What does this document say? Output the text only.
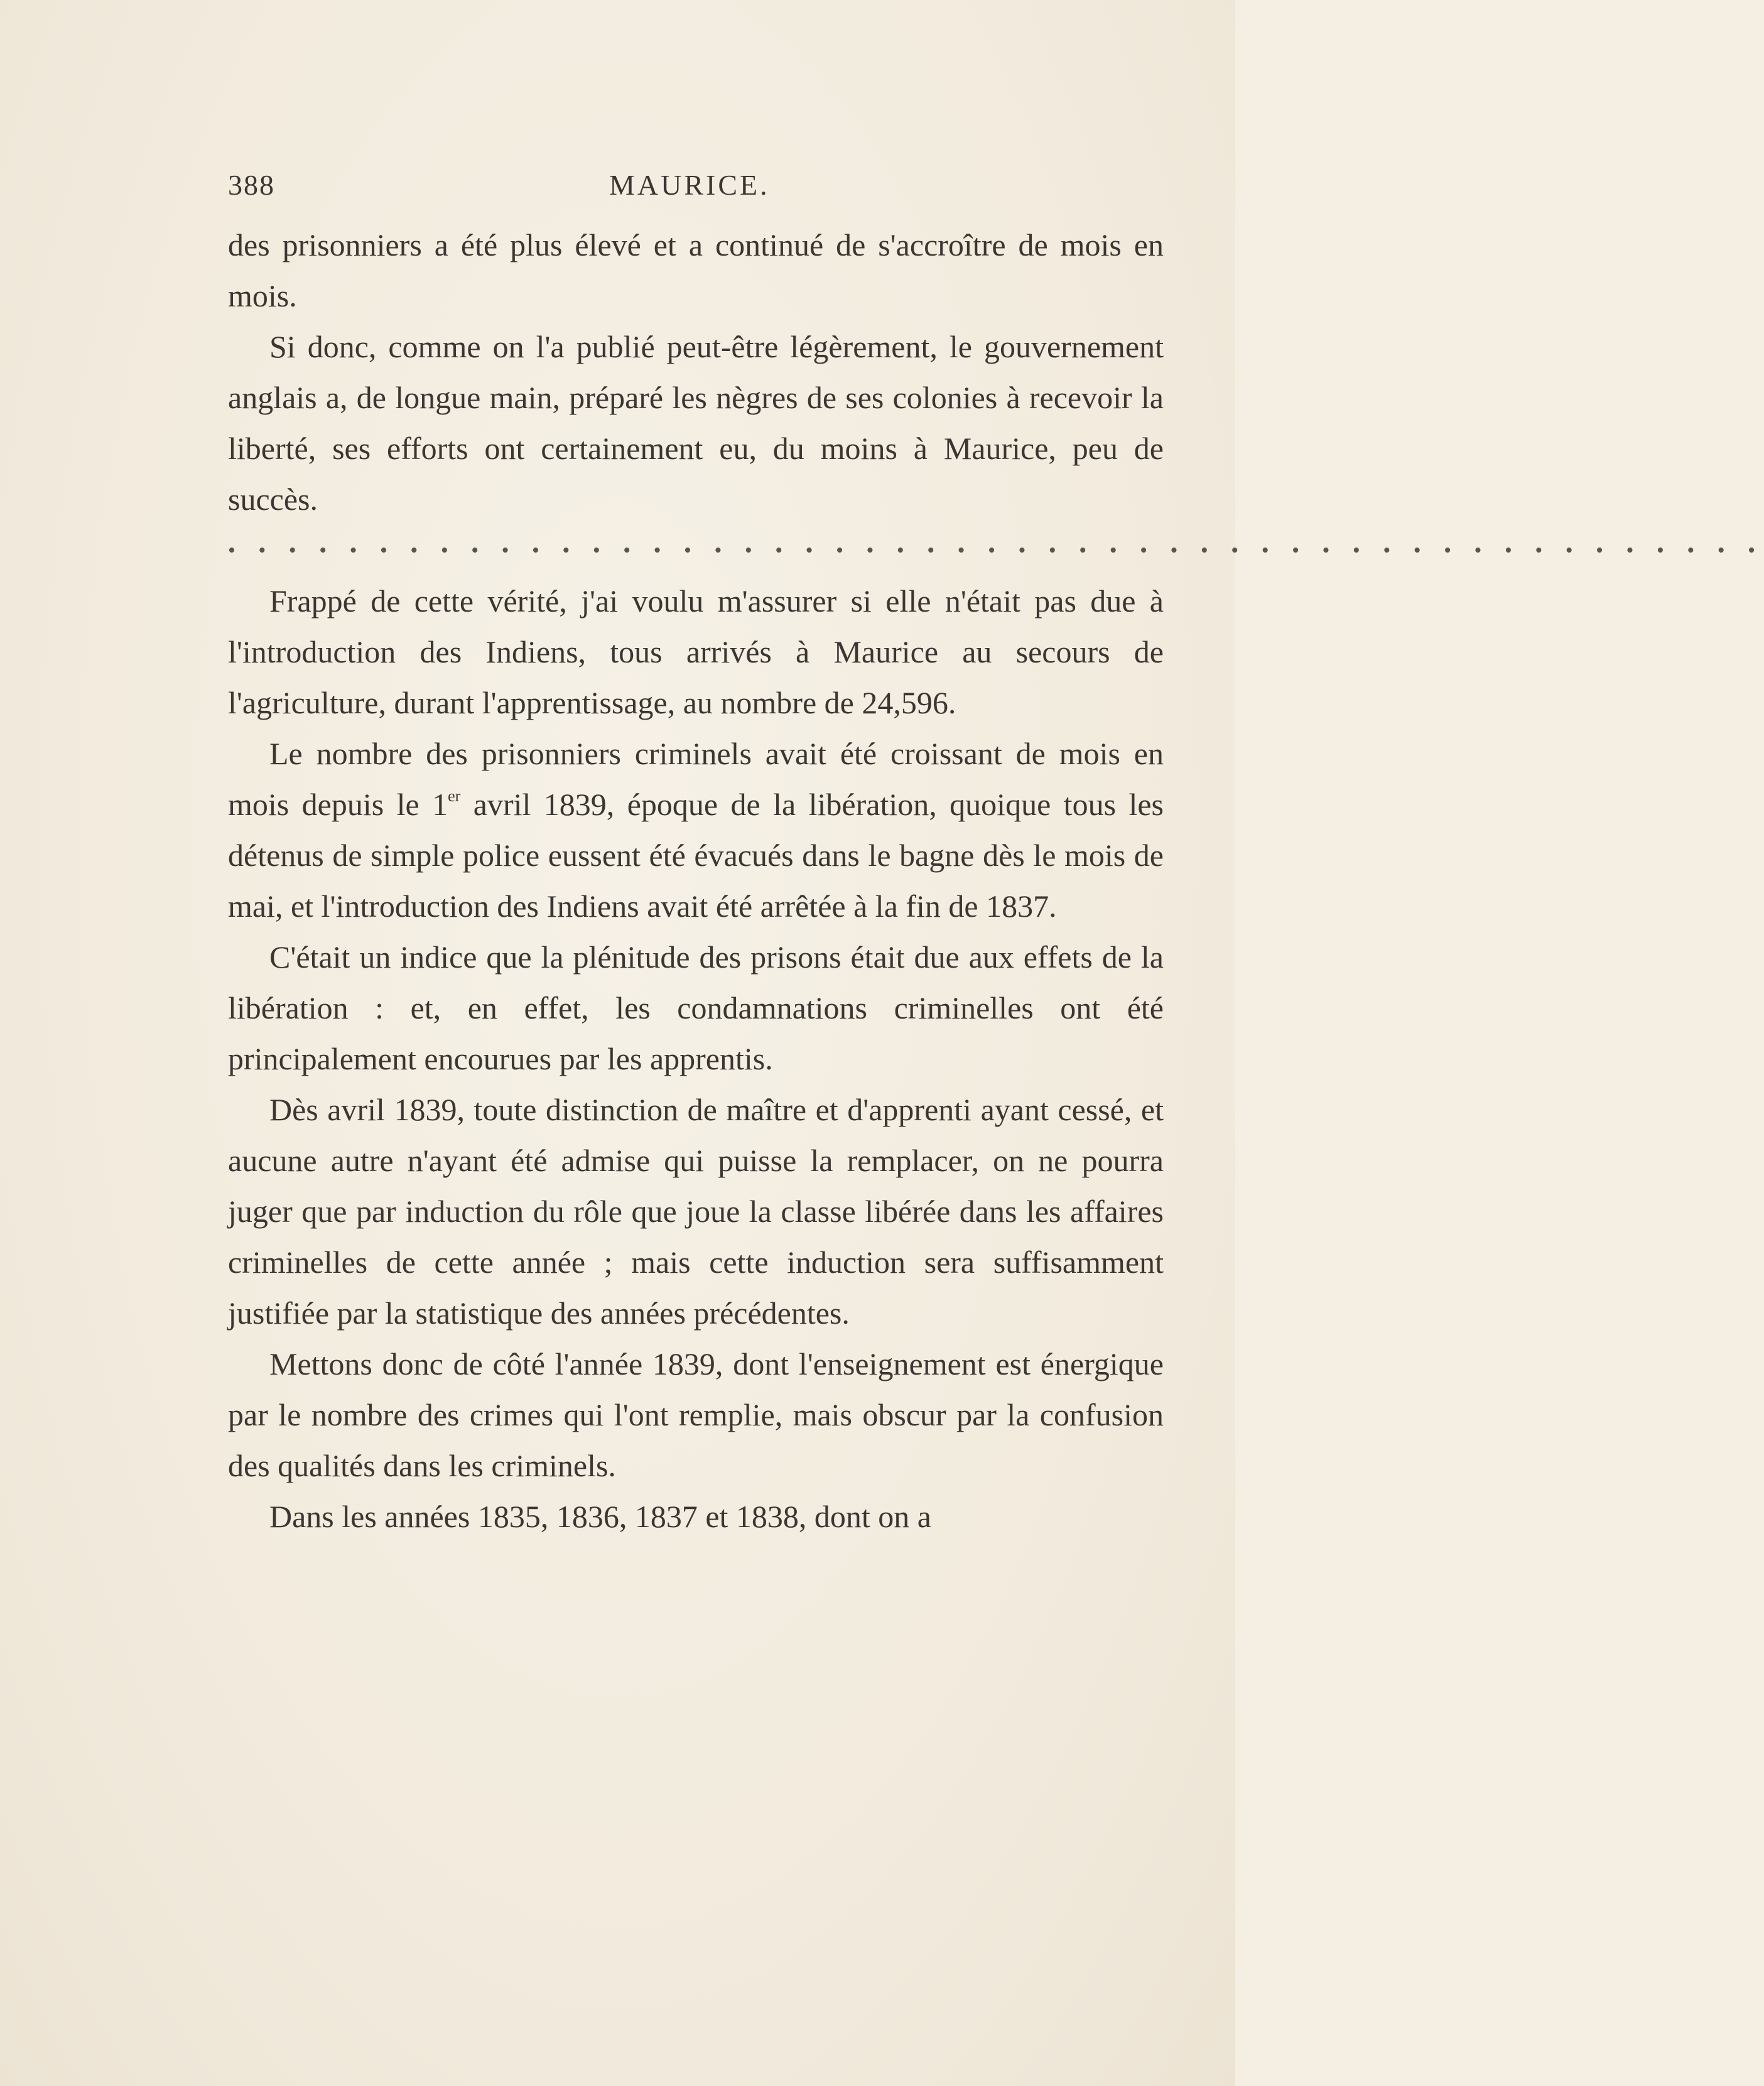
388	MAURICE.

des prisonniers a été plus élevé et a continué de s'accroître de mois en mois.

Si donc, comme on l'a publié peut-être légèrement, le gouvernement anglais a, de longue main, préparé les nègres de ses colonies à recevoir la liberté, ses efforts ont certainement eu, du moins à Maurice, peu de succès.

• • • • • • • • • • • • • • • • • • • • • • • • • • • • • • • • • • • • • • • • • • • • • • • • • • •

Frappé de cette vérité, j'ai voulu m'assurer si elle n'était pas due à l'introduction des Indiens, tous arrivés à Maurice au secours de l'agriculture, durant l'apprentissage, au nombre de 24,596.

Le nombre des prisonniers criminels avait été croissant de mois en mois depuis le 1er avril 1839, époque de la libération, quoique tous les détenus de simple police eussent été évacués dans le bagne dès le mois de mai, et l'introduction des Indiens avait été arrêtée à la fin de 1837.

C'était un indice que la plénitude des prisons était due aux effets de la libération : et, en effet, les condamnations criminelles ont été principalement encourues par les apprentis.

Dès avril 1839, toute distinction de maître et d'apprenti ayant cessé, et aucune autre n'ayant été admise qui puisse la remplacer, on ne pourra juger que par induction du rôle que joue la classe libérée dans les affaires criminelles de cette année ; mais cette induction sera suffisamment justifiée par la statistique des années précédentes.

Mettons donc de côté l'année 1839, dont l'enseignement est énergique par le nombre des crimes qui l'ont remplie, mais obscur par la confusion des qualités dans les criminels.

Dans les années 1835, 1836, 1837 et 1838, dont on a
